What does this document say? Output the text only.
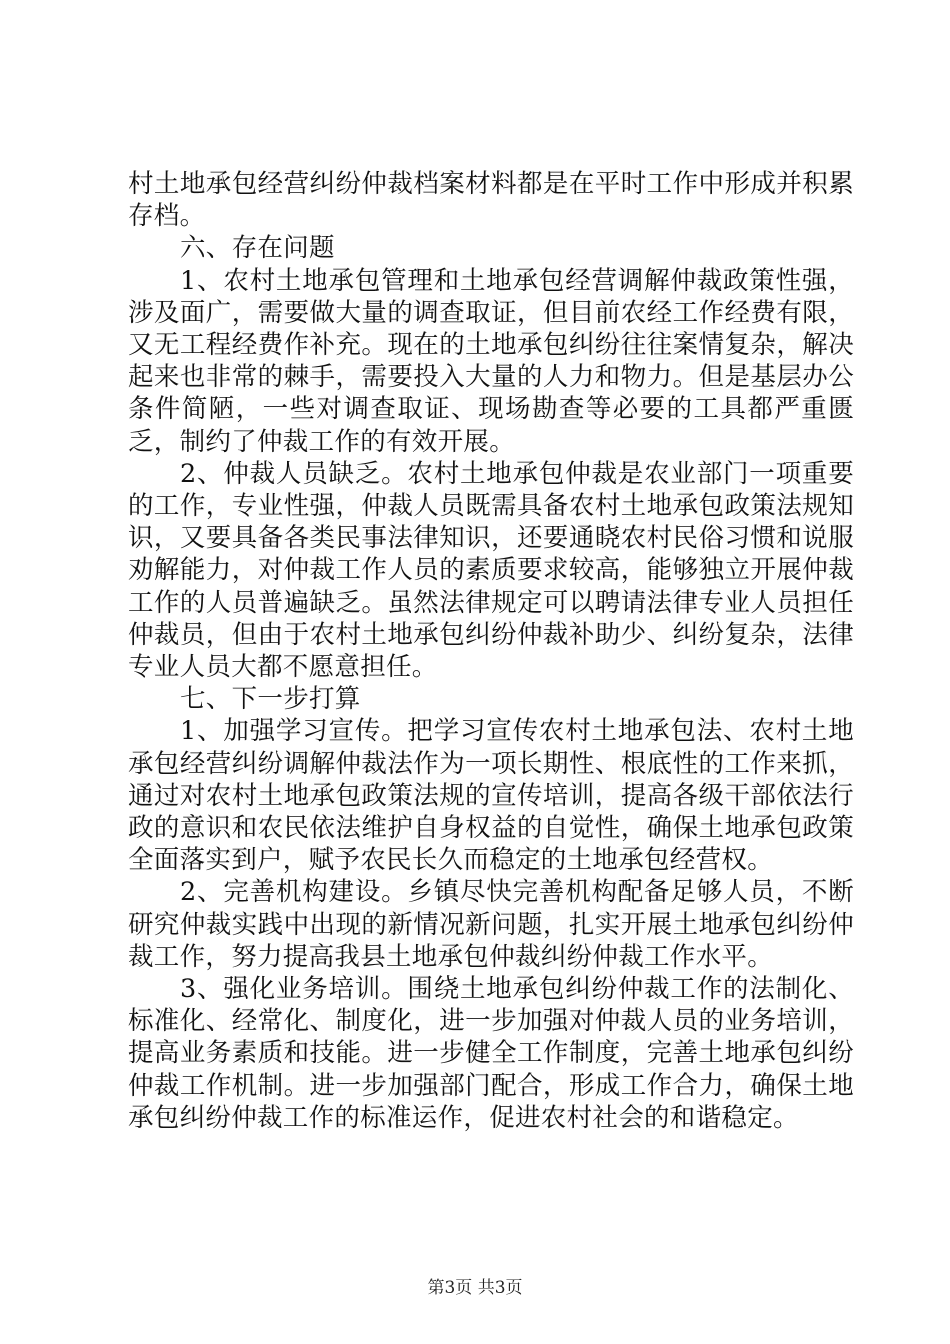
村土地承包经营纠纷仲裁档案材料都是在平时工作中形成并积累存档。

六、存在问题

1、农村土地承包管理和土地承包经营调解仲裁政策性强，涉及面广，需要做大量的调查取证，但目前农经工作经费有限，又无工程经费作补充。现在的土地承包纠纷往往案情复杂，解决起来也非常的棘手，需要投入大量的人力和物力。但是基层办公条件简陋，一些对调查取证、现场勘查等必要的工具都严重匮乏，制约了仲裁工作的有效开展。

2、仲裁人员缺乏。农村土地承包仲裁是农业部门一项重要的工作，专业性强，仲裁人员既需具备农村土地承包政策法规知识，又要具备各类民事法律知识，还要通晓农村民俗习惯和说服劝解能力，对仲裁工作人员的素质要求较高，能够独立开展仲裁工作的人员普遍缺乏。虽然法律规定可以聘请法律专业人员担任仲裁员，但由于农村土地承包纠纷仲裁补助少、纠纷复杂，法律专业人员大都不愿意担任。

七、下一步打算

1、加强学习宣传。把学习宣传农村土地承包法、农村土地承包经营纠纷调解仲裁法作为一项长期性、根底性的工作来抓，通过对农村土地承包政策法规的宣传培训，提高各级干部依法行政的意识和农民依法维护自身权益的自觉性，确保土地承包政策全面落实到户，赋予农民长久而稳定的土地承包经营权。

2、完善机构建设。乡镇尽快完善机构配备足够人员，不断研究仲裁实践中出现的新情况新问题，扎实开展土地承包纠纷仲裁工作，努力提高我县土地承包仲裁纠纷仲裁工作水平。

3、强化业务培训。围绕土地承包纠纷仲裁工作的法制化、标准化、经常化、制度化，进一步加强对仲裁人员的业务培训，提高业务素质和技能。进一步健全工作制度，完善土地承包纠纷仲裁工作机制。进一步加强部门配合，形成工作合力，确保土地承包纠纷仲裁工作的标准运作，促进农村社会的和谐稳定。

第3页 共3页
